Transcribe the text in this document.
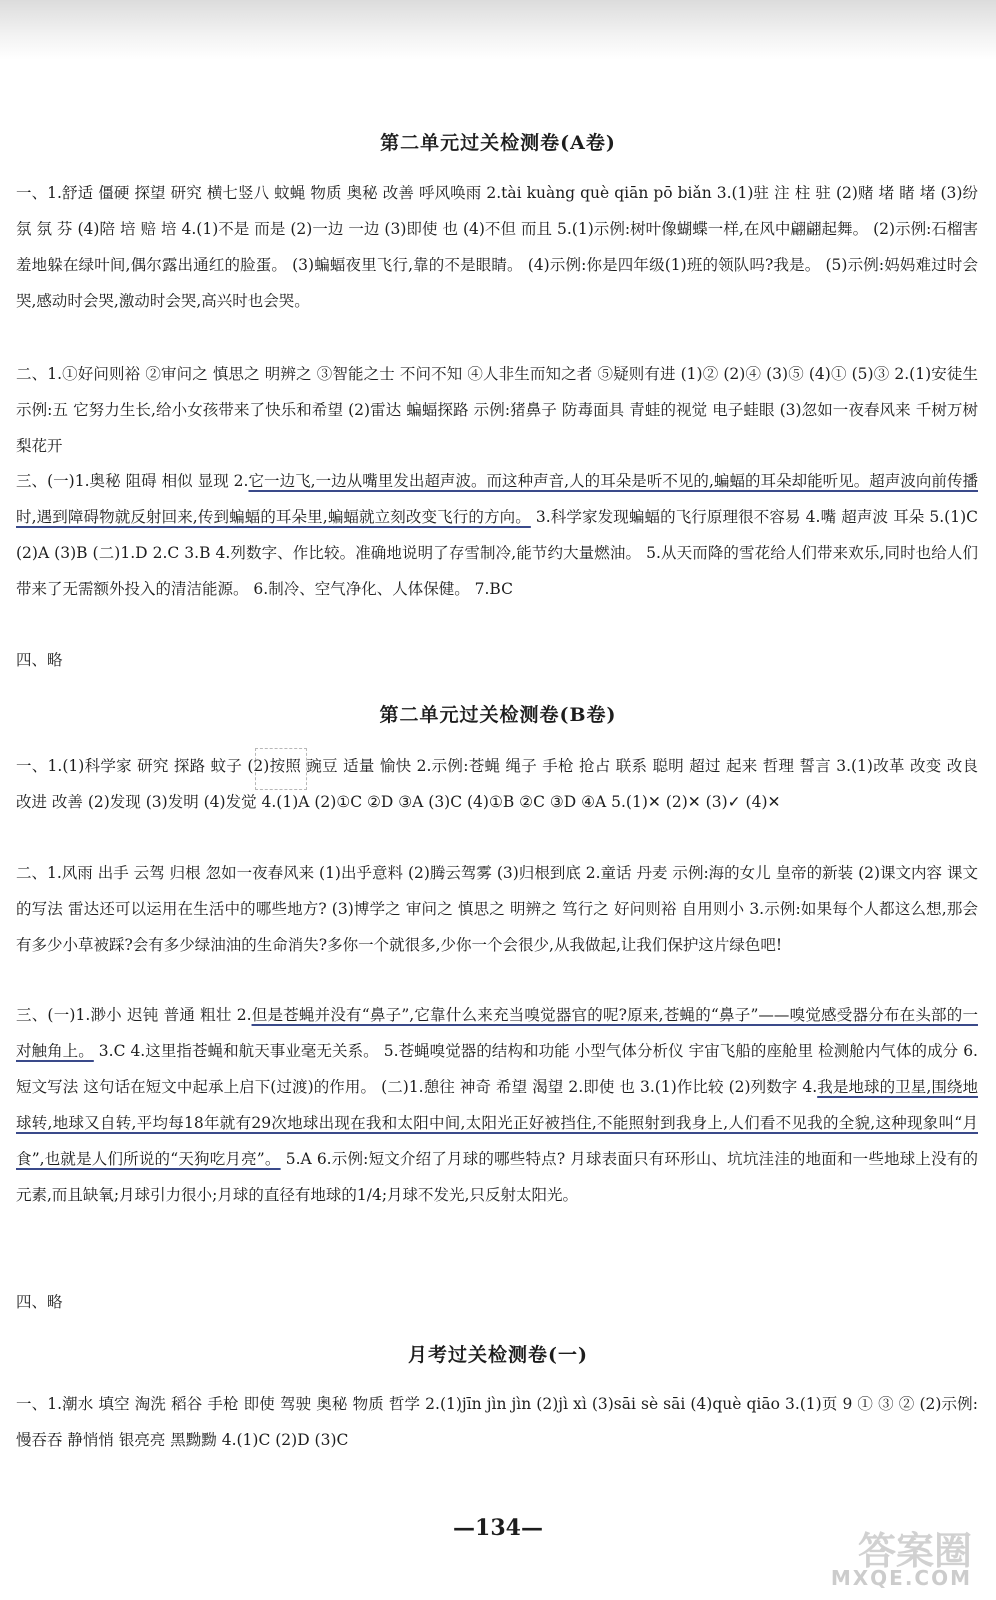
第二单元过关检测卷(A卷)
一、1.舒适 僵硬 探望 研究 横七竖八 蚊蝇 物质 奥秘 改善 呼风唤雨 2.tài kuàng què qiān pō biǎn 3.(1)驻 注 柱 驻 (2)赌 堵 睹 堵 (3)纷 氛 氛 芬 (4)陪 培 赔 培 4.(1)不是 而是 (2)一边 一边 (3)即使 也 (4)不但 而且 5.(1)示例:树叶像蝴蝶一样,在风中翩翩起舞。 (2)示例:石榴害羞地躲在绿叶间,偶尔露出通红的脸蛋。 (3)蝙蝠夜里飞行,靠的不是眼睛。 (4)示例:你是四年级(1)班的领队吗?我是。 (5)示例:妈妈难过时会哭,感动时会哭,激动时会哭,高兴时也会哭。
二、1.①好问则裕 ②审问之 慎思之 明辨之 ③智能之士 不问不知 ④人非生而知之者 ⑤疑则有进 (1)② (2)④ (3)⑤ (4)① (5)③ 2.(1)安徒生 示例:五 它努力生长,给小女孩带来了快乐和希望 (2)雷达 蝙蝠探路 示例:猪鼻子 防毒面具 青蛙的视觉 电子蛙眼 (3)忽如一夜春风来 千树万树梨花开
三、(一)1.奥秘 阻碍 相似 显现 2.它一边飞,一边从嘴里发出超声波。而这种声音,人的耳朵是听不见的,蝙蝠的耳朵却能听见。超声波向前传播时,遇到障碍物就反射回来,传到蝙蝠的耳朵里,蝙蝠就立刻改变飞行的方向。 3.科学家发现蝙蝠的飞行原理很不容易 4.嘴 超声波 耳朵 5.(1)C (2)A (3)B (二)1.D 2.C 3.B 4.列数字、作比较。准确地说明了存雪制冷,能节约大量燃油。 5.从天而降的雪花给人们带来欢乐,同时也给人们带来了无需额外投入的清洁能源。 6.制冷、空气净化、人体保健。 7.BC
四、略
第二单元过关检测卷(B卷)
一、1.(1)科学家 研究 探路 蚊子 (2)按照 豌豆 适量 愉快 2.示例:苍蝇 绳子 手枪 抢占 联系 聪明 超过 起来 哲理 誓言 3.(1)改革 改变 改良 改进 改善 (2)发现 (3)发明 (4)发觉 4.(1)A (2)①C ②D ③A (3)C (4)①B ②C ③D ④A 5.(1)✕ (2)✕ (3)✓ (4)✕
二、1.风雨 出手 云驾 归根 忽如一夜春风来 (1)出乎意料 (2)腾云驾雾 (3)归根到底 2.童话 丹麦 示例:海的女儿 皇帝的新装 (2)课文内容 课文的写法 雷达还可以运用在生活中的哪些地方? (3)博学之 审问之 慎思之 明辨之 笃行之 好问则裕 自用则小 3.示例:如果每个人都这么想,那会有多少小草被踩?会有多少绿油油的生命消失?多你一个就很多,少你一个会很少,从我做起,让我们保护这片绿色吧!
三、(一)1.渺小 迟钝 普通 粗壮 2.但是苍蝇并没有“鼻子”,它靠什么来充当嗅觉器官的呢?原来,苍蝇的“鼻子”——嗅觉感受器分布在头部的一对触角上。 3.C 4.这里指苍蝇和航天事业毫无关系。 5.苍蝇嗅觉器的结构和功能 小型气体分析仪 宇宙飞船的座舱里 检测舱内气体的成分 6.短文写法 这句话在短文中起承上启下(过渡)的作用。 (二)1.憩往 神奇 希望 渴望 2.即使 也 3.(1)作比较 (2)列数字 4.我是地球的卫星,围绕地球转,地球又自转,平均每18年就有29次地球出现在我和太阳中间,太阳光正好被挡住,不能照射到我身上,人们看不见我的全貌,这种现象叫“月食”,也就是人们所说的“天狗吃月亮”。 5.A 6.示例:短文介绍了月球的哪些特点? 月球表面只有环形山、坑坑洼洼的地面和一些地球上没有的元素,而且缺氧;月球引力很小;月球的直径有地球的1/4;月球不发光,只反射太阳光。
四、略
月考过关检测卷(一)
一、1.潮水 填空 淘洗 稻谷 手枪 即使 驾驶 奥秘 物质 哲学 2.(1)jīn jìn jìn (2)jì xì (3)sāi sè sāi (4)què qiāo 3.(1)页 9 ① ③ ② (2)示例:慢吞吞 静悄悄 银亮亮 黑黝黝 4.(1)C (2)D (3)C
—134—
答案圈
MXQE.COM
